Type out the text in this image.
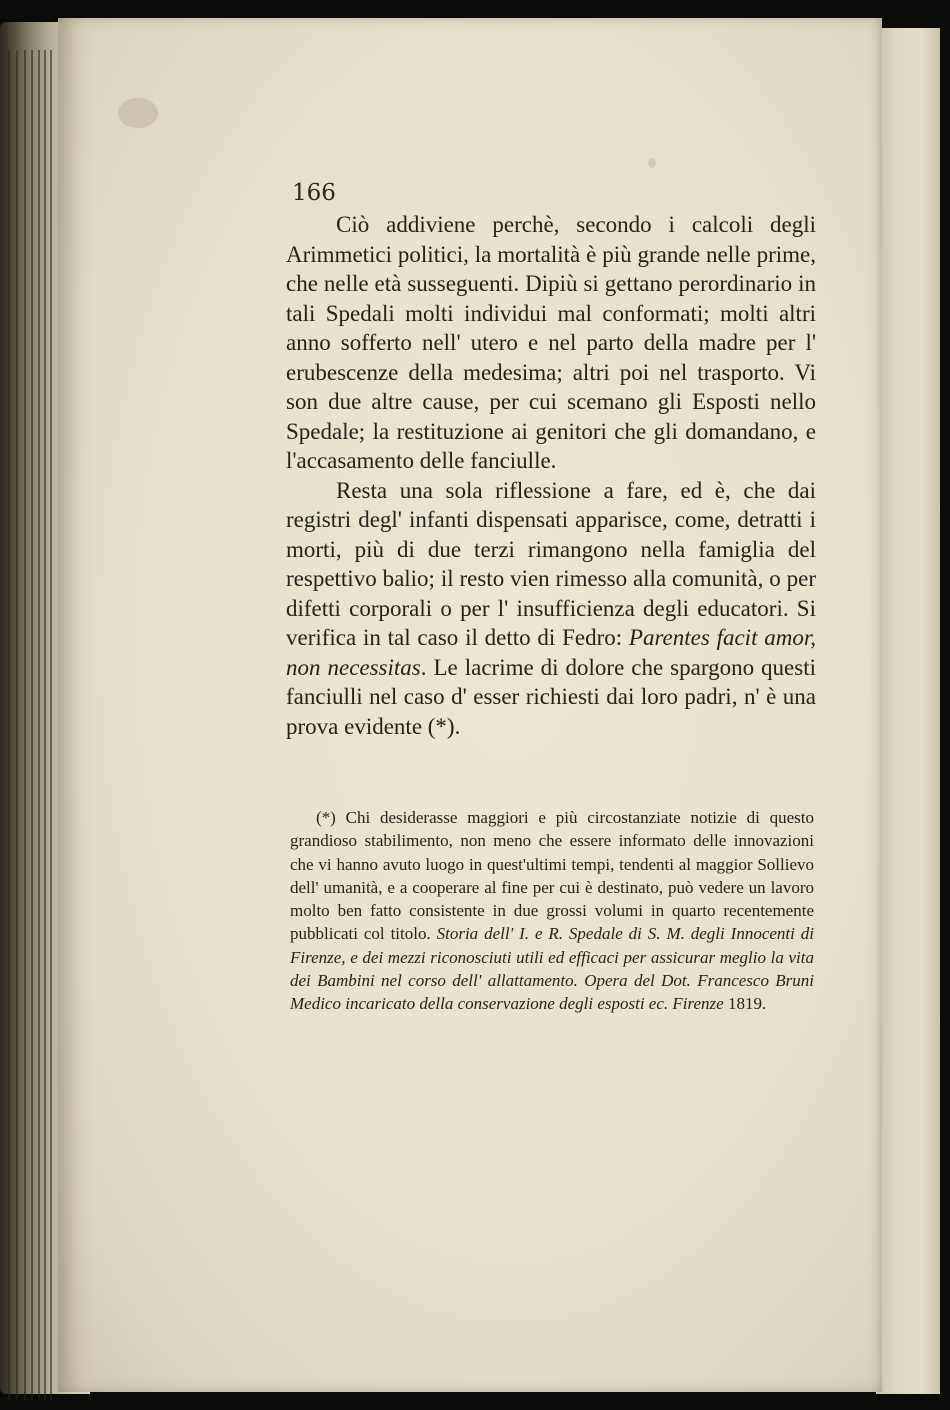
166

Ciò addiviene perchè, secondo i calcoli degli Arimmetici politici, la mortalità è più grande nelle prime, che nelle età susseguenti. Dipiù si gettano perordinario in tali Spedali molti individui mal conformati; molti altri anno sofferto nell' utero e nel parto della madre per l' erubescenze della medesima; altri poi nel trasporto. Vi son due altre cause, per cui scemano gli Esposti nello Spedale; la restituzione ai genitori che gli domandano, e l'accasamento delle fanciulle.

Resta una sola riflessione a fare, ed è, che dai registri degl' infanti dispensati apparisce, come, detratti i morti, più di due terzi rimangono nella famiglia del respettivo balio; il resto vien rimesso alla comunità, o per difetti corporali o per l' insufficienza degli educatori. Si verifica in tal caso il detto di Fedro: Parentes facit amor, non necessitas. Le lacrime di dolore che spargono questi fanciulli nel caso d' esser richiesti dai loro padri, n' è una prova evidente (*).

(*) Chi desiderasse maggiori e più circostanziate notizie di questo grandioso stabilimento, non meno che essere informato delle innovazioni che vi hanno avuto luogo in quest'ultimi tempi, tendenti al maggior Sollievo dell' umanità, e a cooperare al fine per cui è destinato, può vedere un lavoro molto ben fatto consistente in due grossi volumi in quarto recentemente pubblicati col titolo. Storia dell' I. e R. Spedale di S. M. degli Innocenti di Firenze, e dei mezzi riconosciuti utili ed efficaci per assicurar meglio la vita dei Bambini nel corso dell' allattamento. Opera del Dot. Francesco Bruni Medico incaricato della conservazione degli esposti ec. Firenze 1819.
